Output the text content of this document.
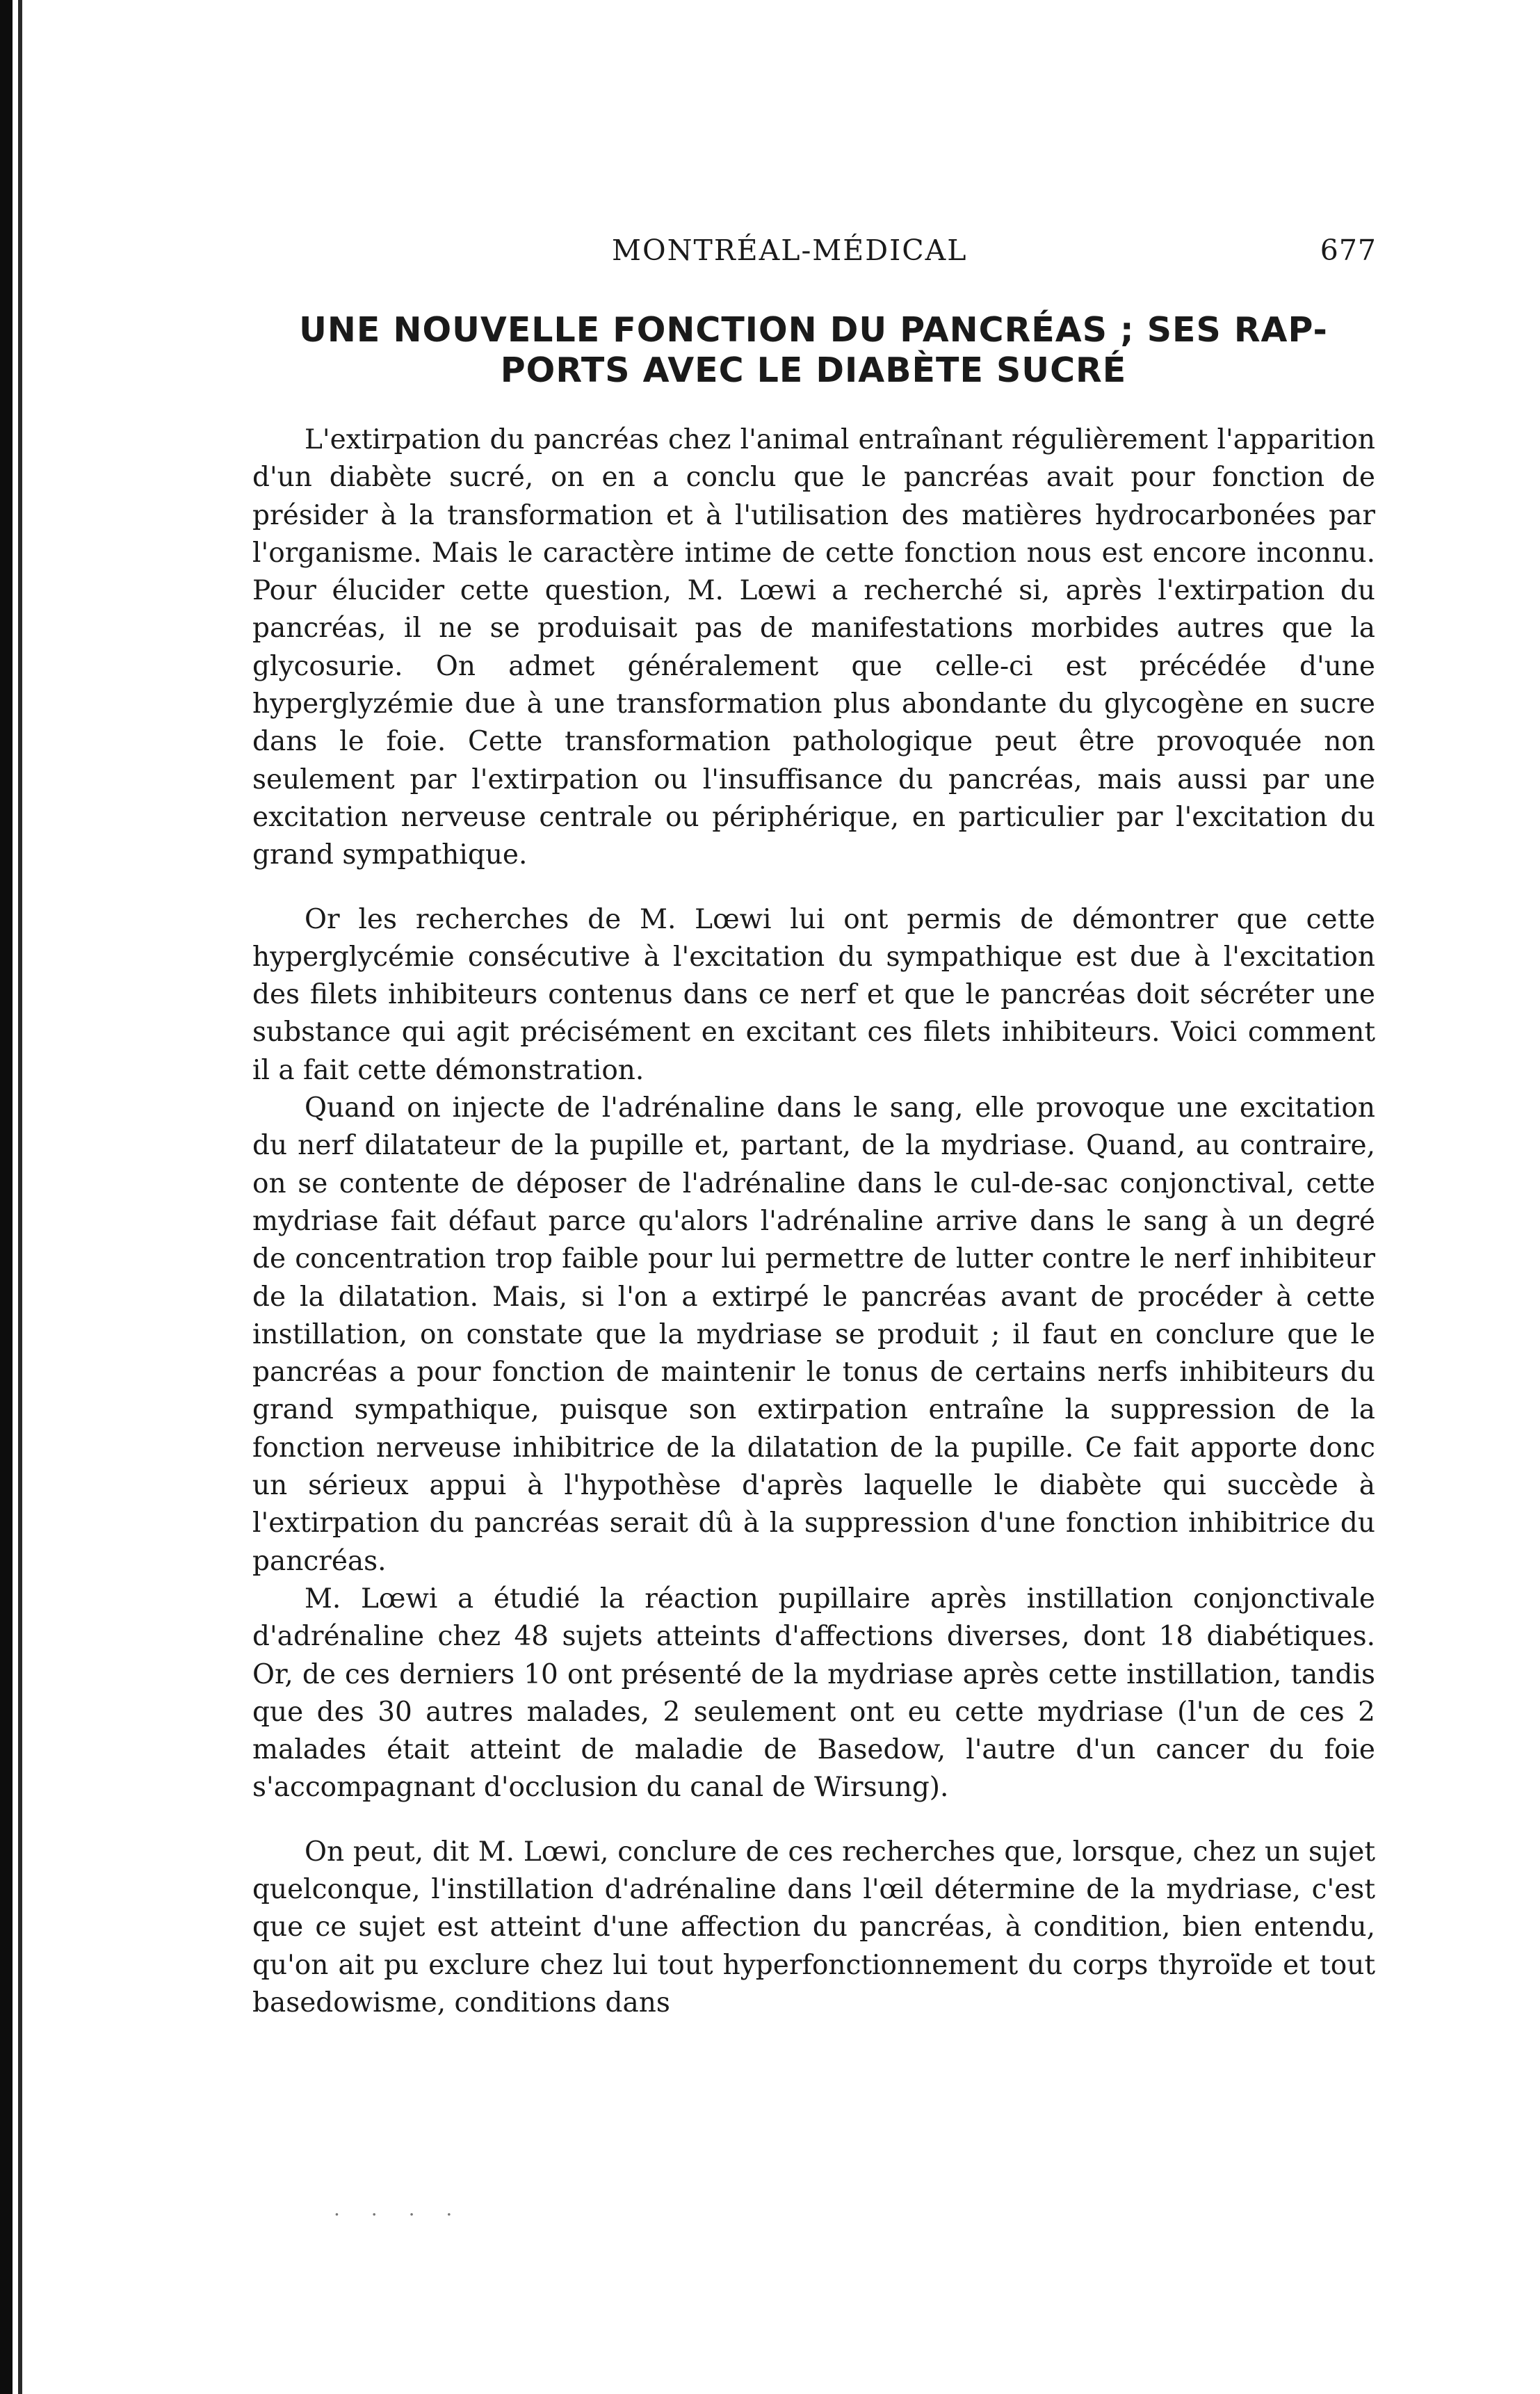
MONTRÉAL-MÉDICAL	677
UNE NOUVELLE FONCTION DU PANCRÉAS ; SES RAP-
PORTS AVEC LE DIABÈTE SUCRÉ

L'extirpation du pancréas chez l'animal entraînant régulièrement l'apparition d'un diabète sucré, on en a conclu que le pancréas avait pour fonction de présider à la transformation et à l'utilisation des matières hydrocarbonées par l'organisme. Mais le caractère intime de cette fonction nous est encore inconnu. Pour élucider cette question, M. Lœwi a recherché si, après l'extirpation du pancréas, il ne se produisait pas de manifestations morbides autres que la glycosurie. On admet généralement que celle-ci est précédée d'une hyperglyzémie due à une transformation plus abondante du glycogène en sucre dans le foie. Cette transformation pathologique peut être provoquée non seulement par l'extirpation ou l'insuffisance du pancréas, mais aussi par une excitation nerveuse centrale ou périphérique, en particulier par l'excitation du grand sympathique.

Or les recherches de M. Lœwi lui ont permis de démontrer que cette hyperglycémie consécutive à l'excitation du sympathique est due à l'excitation des filets inhibiteurs contenus dans ce nerf et que le pancréas doit sécréter une substance qui agit précisément en excitant ces filets inhibiteurs. Voici comment il a fait cette démonstration.

Quand on injecte de l'adrénaline dans le sang, elle provoque une excitation du nerf dilatateur de la pupille et, partant, de la mydriase. Quand, au contraire, on se contente de déposer de l'adrénaline dans le cul-de-sac conjonctival, cette mydriase fait défaut parce qu'alors l'adrénaline arrive dans le sang à un degré de concentration trop faible pour lui permettre de lutter contre le nerf inhibiteur de la dilatation. Mais, si l'on a extirpé le pancréas avant de procéder à cette instillation, on constate que la mydriase se produit ; il faut en conclure que le pancréas a pour fonction de maintenir le tonus de certains nerfs inhibiteurs du grand sympathique, puisque son extirpation entraîne la suppression de la fonction nerveuse inhibitrice de la dilatation de la pupille. Ce fait apporte donc un sérieux appui à l'hypothèse d'après laquelle le diabète qui succède à l'extirpation du pancréas serait dû à la suppression d'une fonction inhibitrice du pancréas.

M. Lœwi a étudié la réaction pupillaire après instillation conjonctivale d'adrénaline chez 48 sujets atteints d'affections diverses, dont 18 diabétiques. Or, de ces derniers 10 ont présenté de la mydriase après cette instillation, tandis que des 30 autres malades, 2 seulement ont eu cette mydriase (l'un de ces 2 malades était atteint de maladie de Basedow, l'autre d'un cancer du foie s'accompagnant d'occlusion du canal de Wirsung).

On peut, dit M. Lœwi, conclure de ces recherches que, lorsque, chez un sujet quelconque, l'instillation d'adrénaline dans l'œil détermine de la mydriase, c'est que ce sujet est atteint d'une affection du pancréas, à condition, bien entendu, qu'on ait pu exclure chez lui tout hyperfonctionnement du corps thyroïde et tout basedowisme, conditions dans

. . . .
